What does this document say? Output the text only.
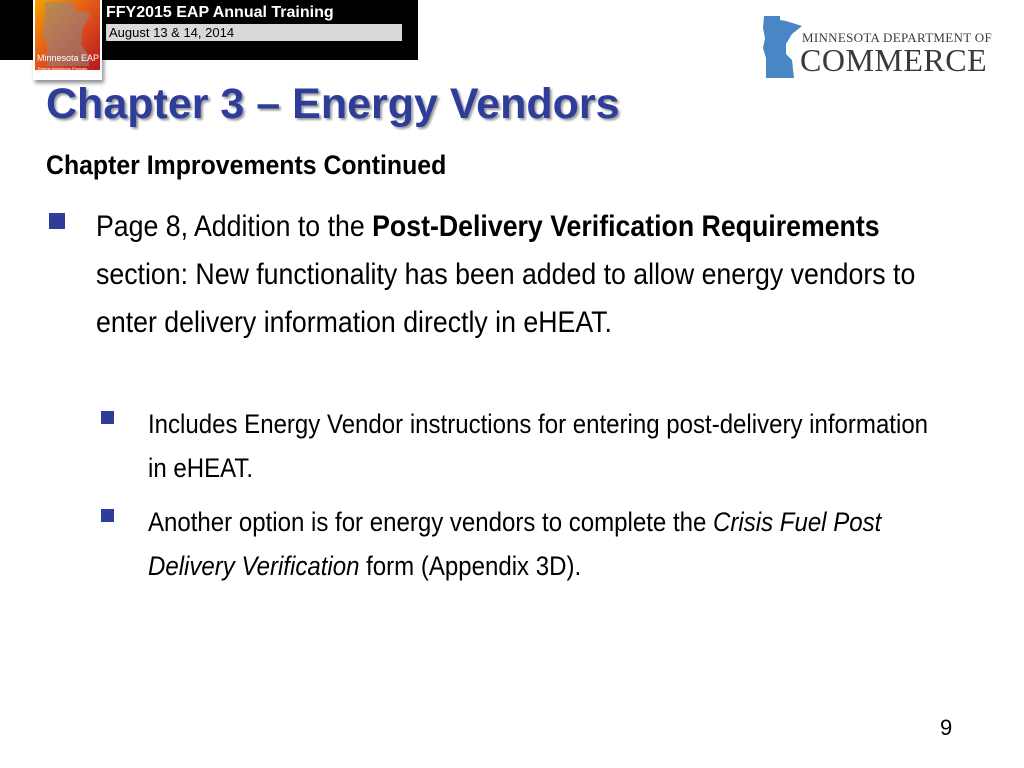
FFY2015 EAP Annual Training
August 13 & 14, 2014
Minnesota EAP
Energy Assistance Program
MINNESOTA DEPARTMENT OF
COMMERCE
Chapter 3 – Energy Vendors
Chapter Improvements Continued
Page 8, Addition to the Post-Delivery Verification Requirements section: New functionality has been added to allow energy vendors to enter delivery information directly in eHEAT.
Includes Energy Vendor instructions for entering post-delivery information in eHEAT.
Another option is for energy vendors to complete the Crisis Fuel Post Delivery Verification form (Appendix 3D).
9
